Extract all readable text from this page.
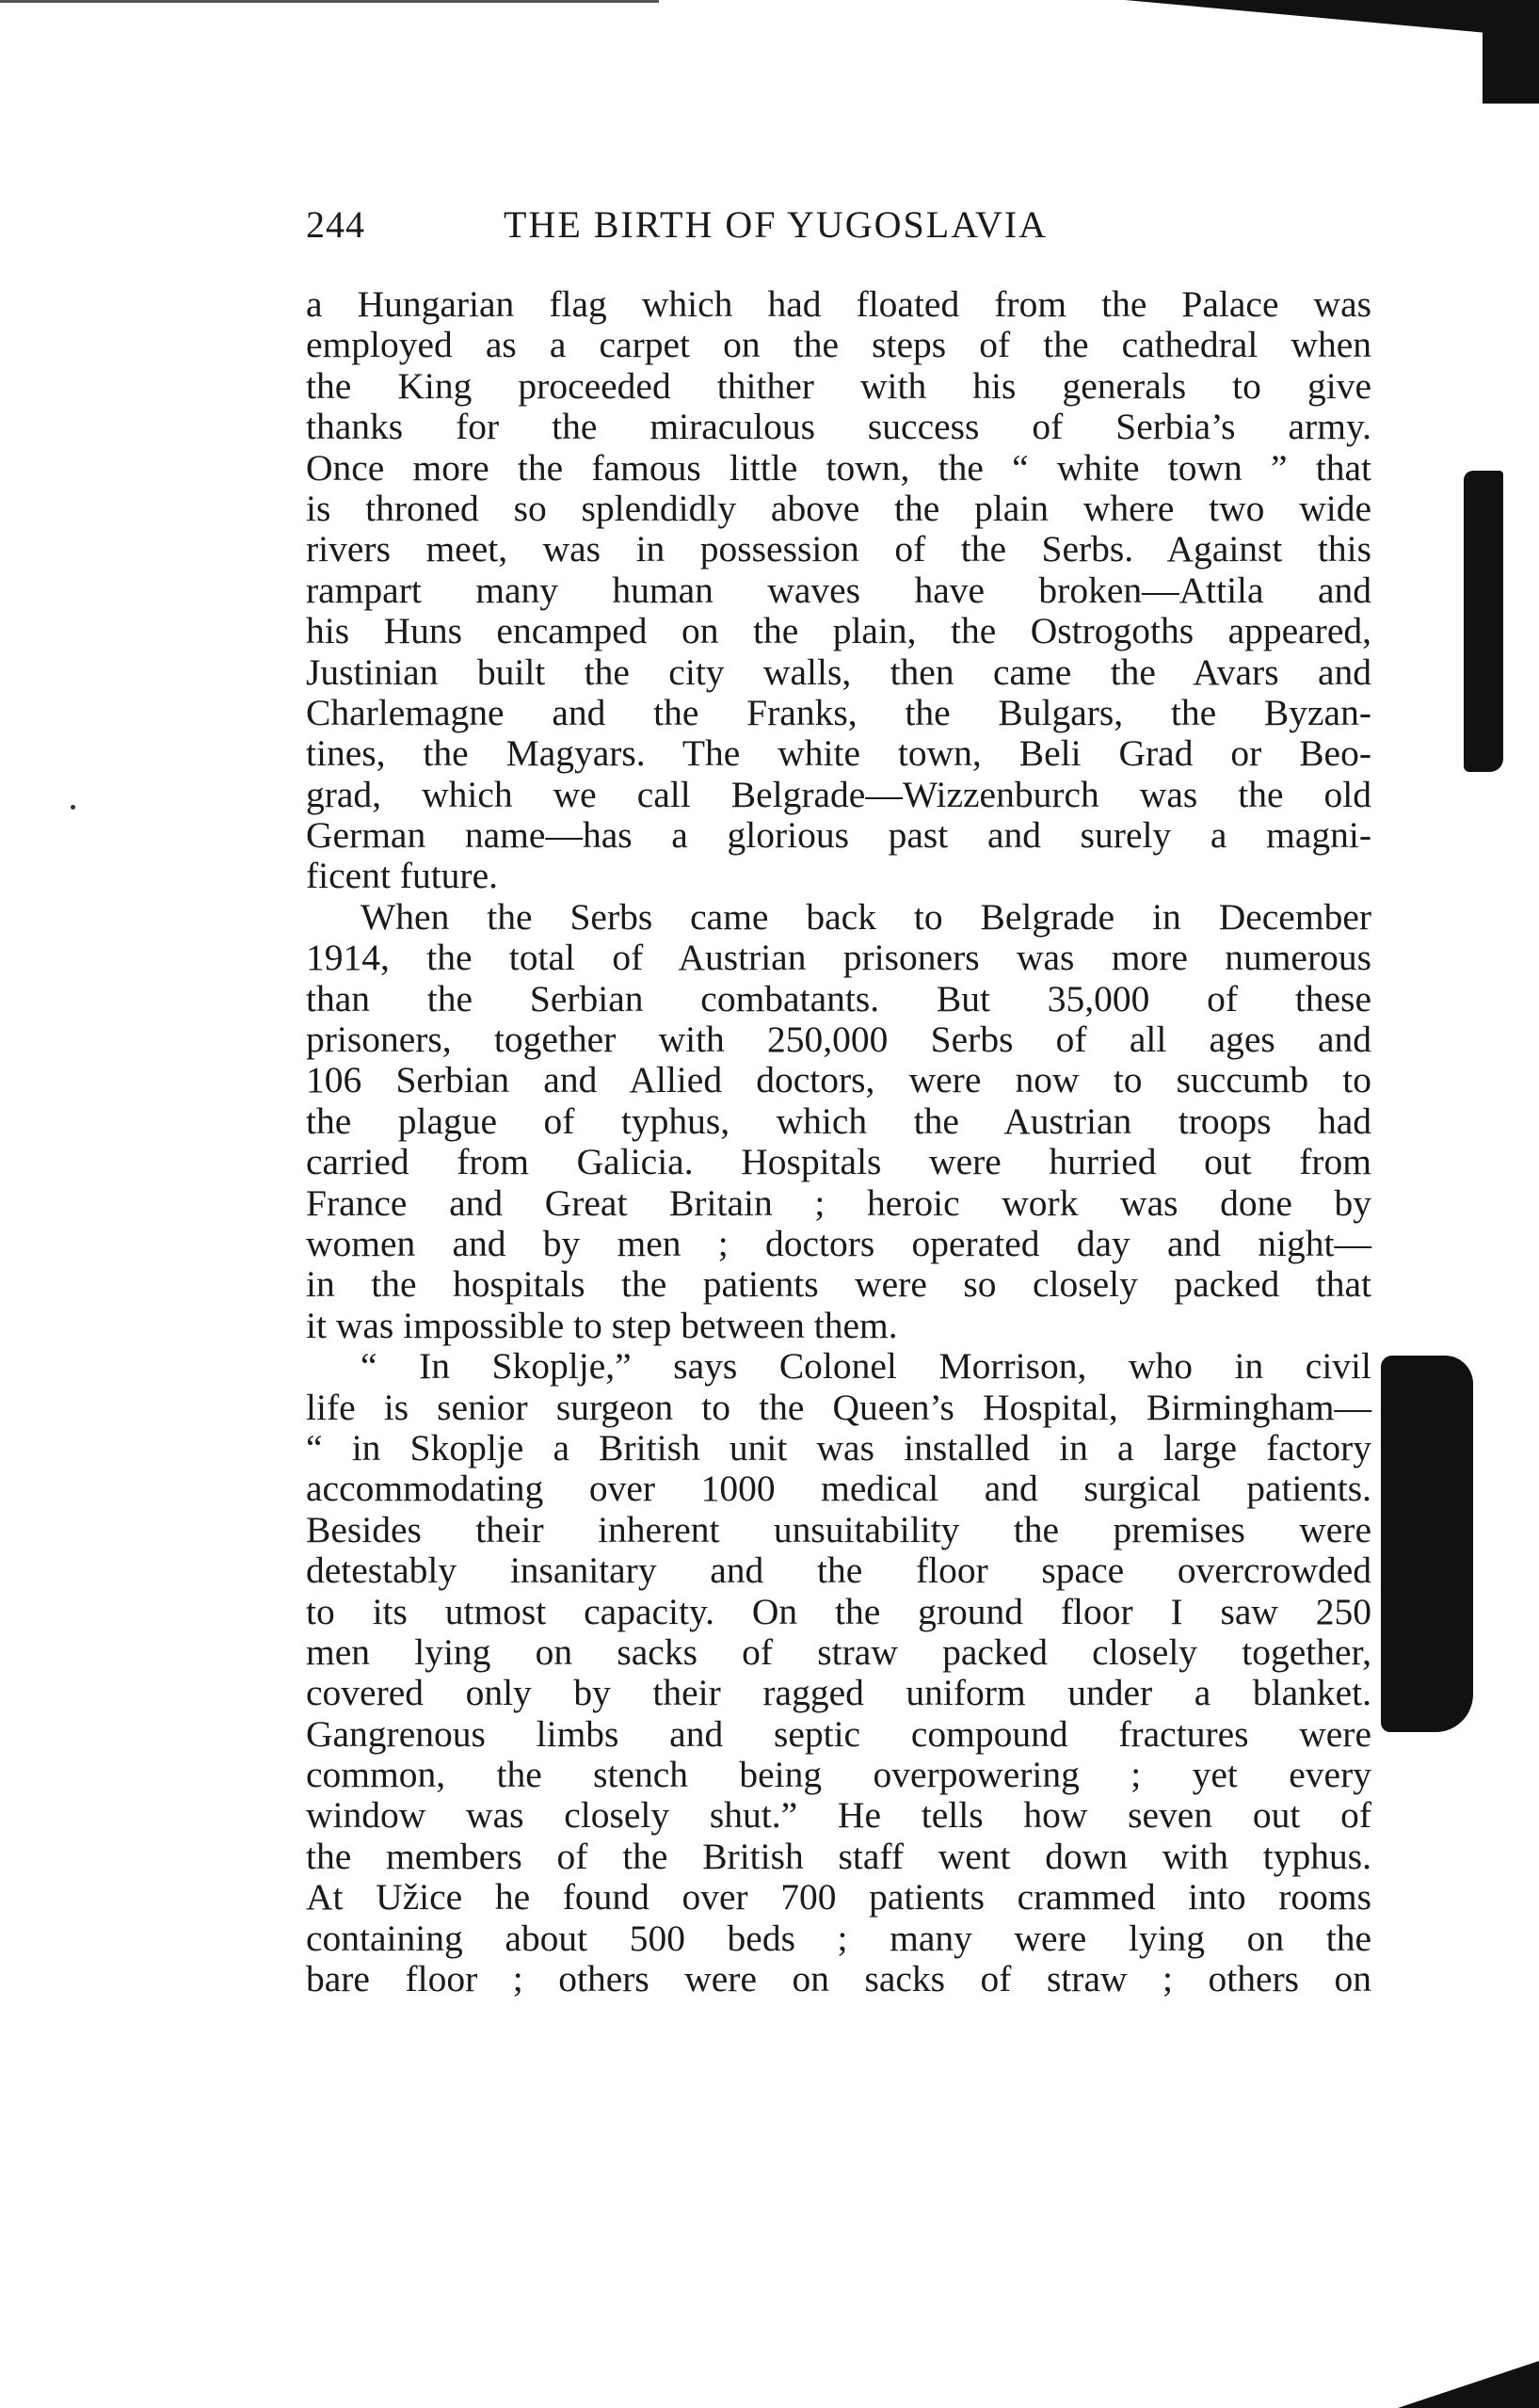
244	THE BIRTH OF YUGOSLAVIA
a Hungarian flag which had floated from the Palace was
employed as a carpet on the steps of the cathedral when
the King proceeded thither with his generals to give
thanks for the miraculous success of Serbia’s army.
Once more the famous little town, the “ white town ” that
is throned so splendidly above the plain where two wide
rivers meet, was in possession of the Serbs. Against this
rampart many human waves have broken—Attila and
his Huns encamped on the plain, the Ostrogoths appeared,
Justinian built the city walls, then came the Avars and
Charlemagne and the Franks, the Bulgars, the Byzan-
tines, the Magyars. The white town, Beli Grad or Beo-
grad, which we call Belgrade—Wizzenburch was the old
German name—has a glorious past and surely a magni-
ficent future.
When the Serbs came back to Belgrade in December
1914, the total of Austrian prisoners was more numerous
than the Serbian combatants. But 35,000 of these
prisoners, together with 250,000 Serbs of all ages and
106 Serbian and Allied doctors, were now to succumb to
the plague of typhus, which the Austrian troops had
carried from Galicia. Hospitals were hurried out from
France and Great Britain ; heroic work was done by
women and by men ; doctors operated day and night—
in the hospitals the patients were so closely packed that
it was impossible to step between them.
“ In Skoplje,” says Colonel Morrison, who in civil
life is senior surgeon to the Queen’s Hospital, Birmingham—
“ in Skoplje a British unit was installed in a large factory
accommodating over 1000 medical and surgical patients.
Besides their inherent unsuitability the premises were
detestably insanitary and the floor space overcrowded
to its utmost capacity. On the ground floor I saw 250
men lying on sacks of straw packed closely together,
covered only by their ragged uniform under a blanket.
Gangrenous limbs and septic compound fractures were
common, the stench being overpowering ; yet every
window was closely shut.” He tells how seven out of
the members of the British staff went down with typhus.
At Užice he found over 700 patients crammed into rooms
containing about 500 beds ; many were lying on the
bare floor ; others were on sacks of straw ; others on
